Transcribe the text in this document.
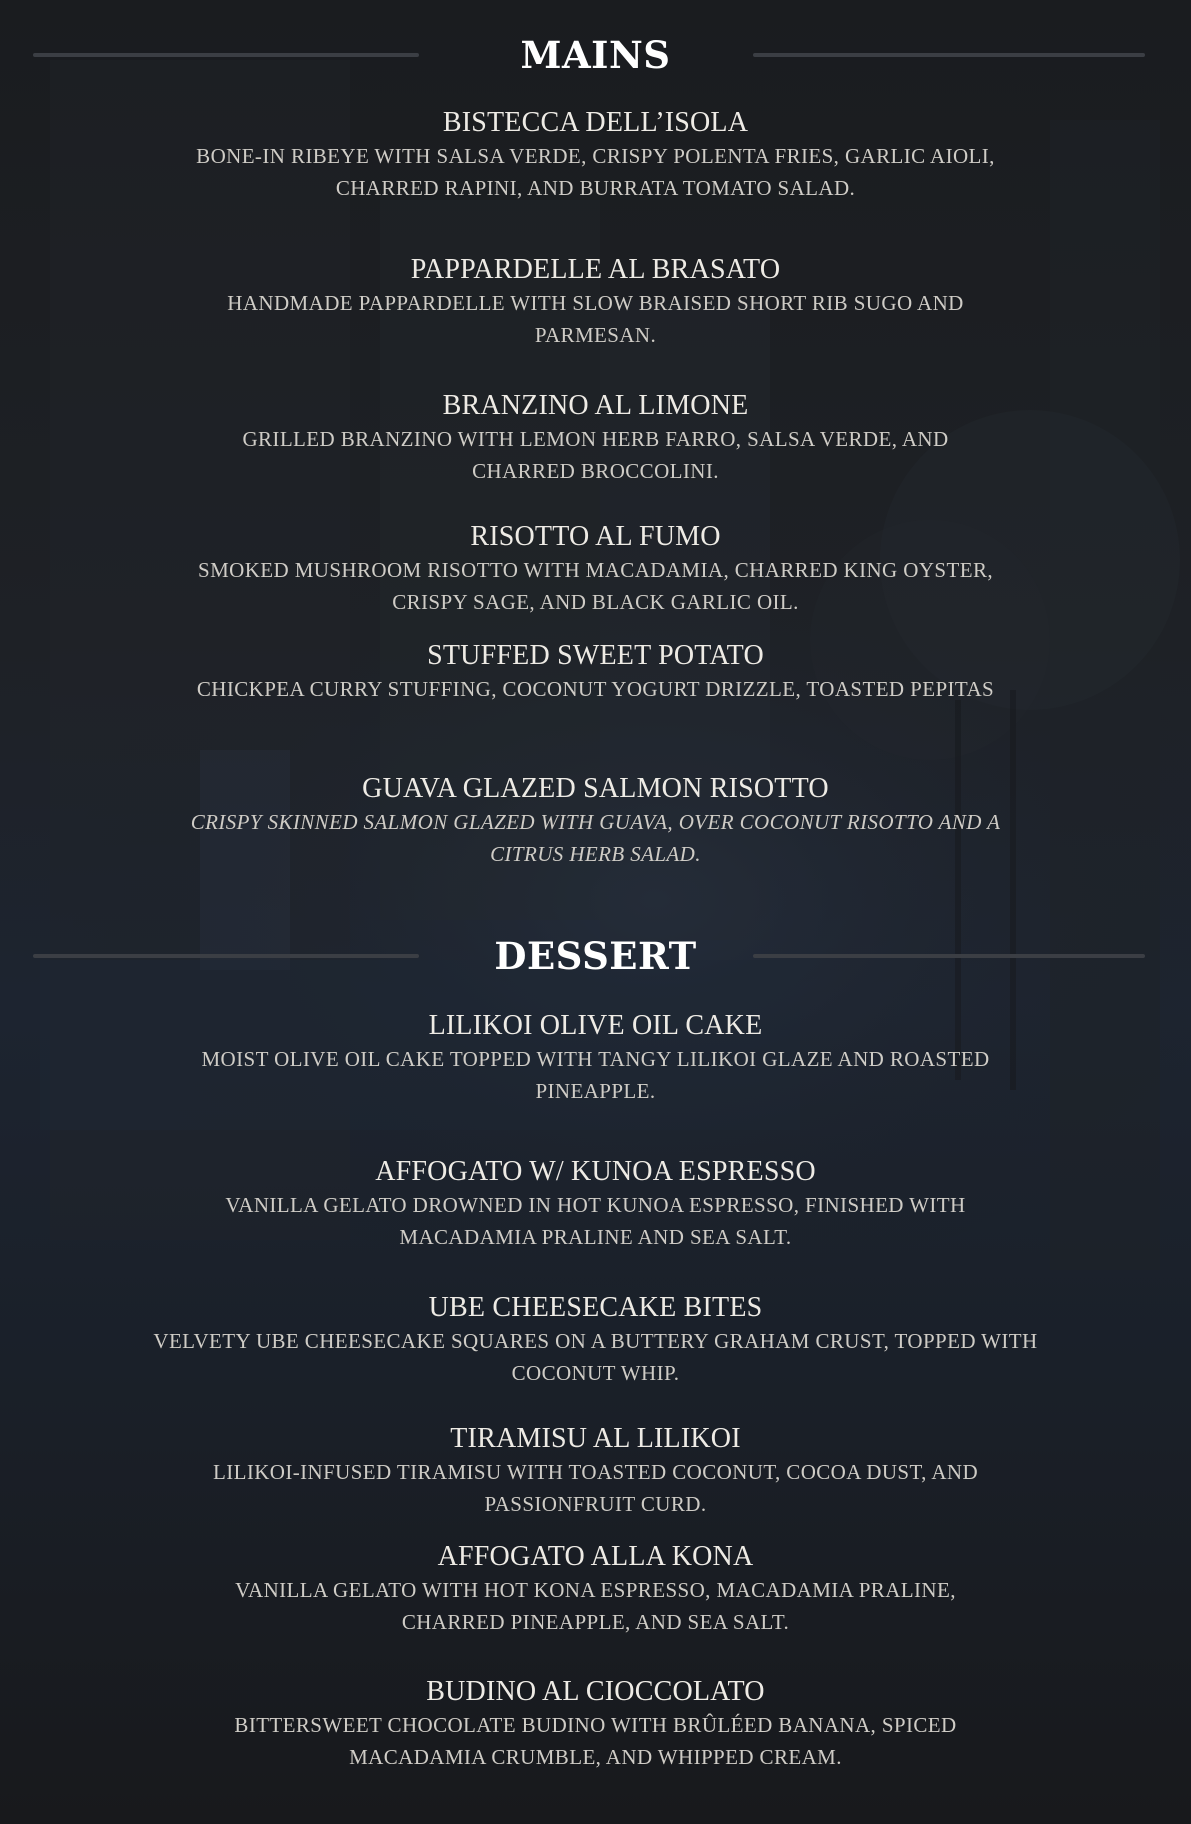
MAINS
BISTECCA DELL’ISOLA
BONE-IN RIBEYE WITH SALSA VERDE, CRISPY POLENTA FRIES, GARLIC AIOLI, CHARRED RAPINI, AND BURRATA TOMATO SALAD.
PAPPARDELLE AL BRASATO
HANDMADE PAPPARDELLE WITH SLOW BRAISED SHORT RIB SUGO AND PARMESAN.
BRANZINO AL LIMONE
GRILLED BRANZINO WITH LEMON HERB FARRO, SALSA VERDE, AND CHARRED BROCCOLINI.
RISOTTO AL FUMO
SMOKED MUSHROOM RISOTTO WITH MACADAMIA, CHARRED KING OYSTER, CRISPY SAGE, AND BLACK GARLIC OIL.
STUFFED SWEET POTATO
CHICKPEA CURRY STUFFING, COCONUT YOGURT DRIZZLE, TOASTED PEPITAS
GUAVA GLAZED SALMON RISOTTO
CRISPY SKINNED SALMON GLAZED WITH GUAVA, OVER COCONUT RISOTTO AND A CITRUS HERB SALAD.
DESSERT
LILIKOI OLIVE OIL CAKE
MOIST OLIVE OIL CAKE TOPPED WITH TANGY LILIKOI GLAZE AND ROASTED PINEAPPLE.
AFFOGATO W/ KUNOA ESPRESSO
VANILLA GELATO DROWNED IN HOT KUNOA ESPRESSO, FINISHED WITH MACADAMIA PRALINE AND SEA SALT.
UBE CHEESECAKE BITES
VELVETY UBE CHEESECAKE SQUARES ON A BUTTERY GRAHAM CRUST, TOPPED WITH COCONUT WHIP.
TIRAMISU AL LILIKOI
LILIKOI-INFUSED TIRAMISU WITH TOASTED COCONUT, COCOA DUST, AND PASSIONFRUIT CURD.
AFFOGATO ALLA KONA
VANILLA GELATO WITH HOT KONA ESPRESSO, MACADAMIA PRALINE, CHARRED PINEAPPLE, AND SEA SALT.
BUDINO AL CIOCCOLATO
BITTERSWEET CHOCOLATE BUDINO WITH BRÛLÉED BANANA, SPICED MACADAMIA CRUMBLE, AND WHIPPED CREAM.
